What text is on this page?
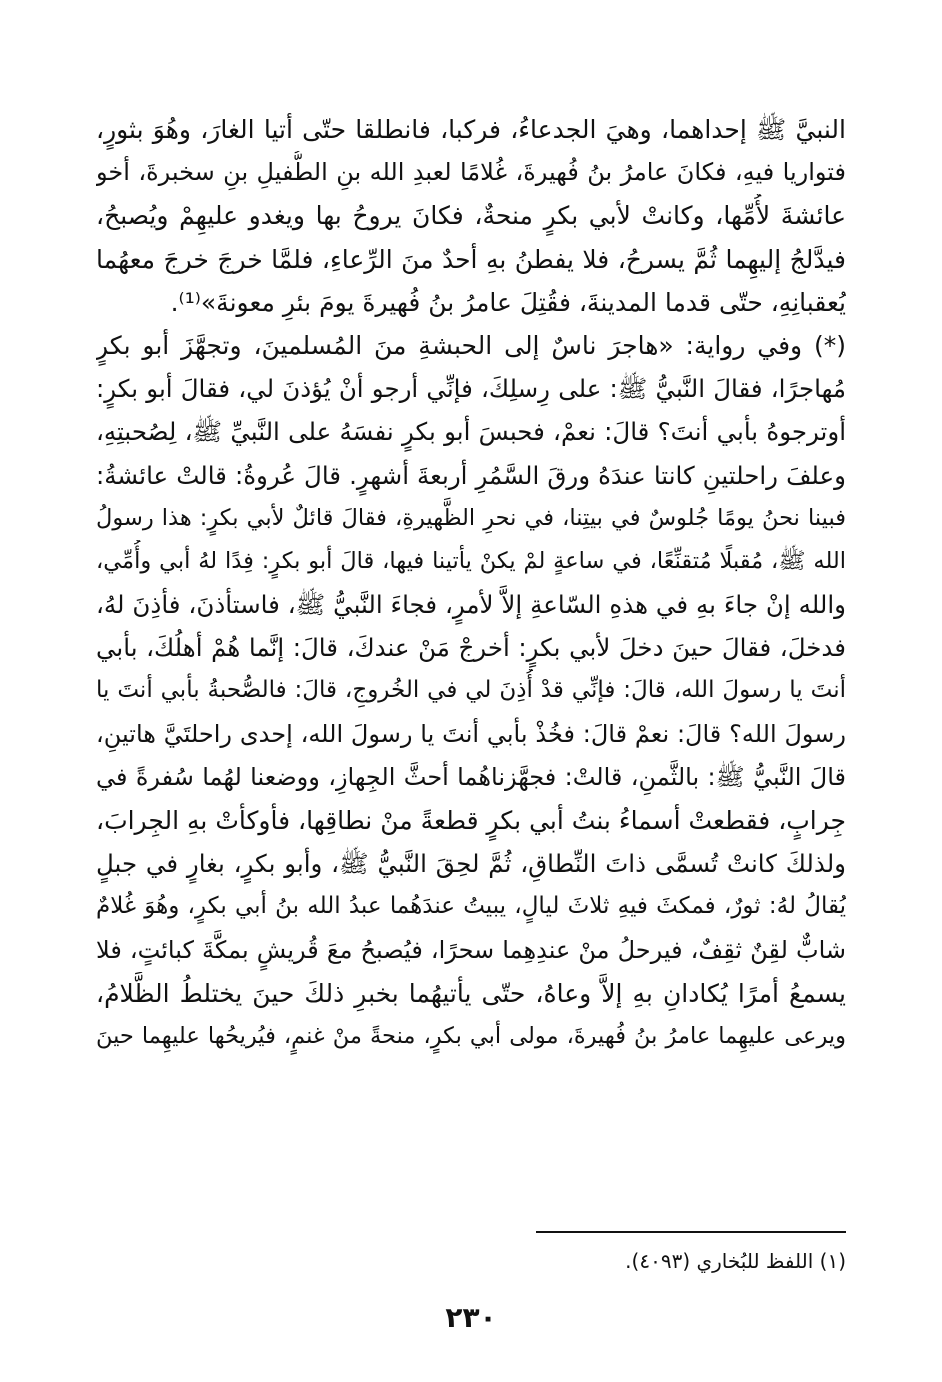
النبيَّ ﷺ إحداهما، وهيَ الجدعاءُ، فركبا، فانطلقا حتّى أتيا الغارَ، وهُوَ بثورٍ،
فتواريا فيهِ، فكانَ عامرُ بنُ فُهيرةَ، غُلامًا لعبدِ الله بنِ الطُّفيلِ بنِ سخبرةَ، أخو
عائشةَ لأُمِّها، وكانتْ لأبي بكرٍ منحةٌ، فكانَ يروحُ بها ويغدو عليهِمْ ويُصبحُ،
فيدَّلجُ إليهِما ثُمَّ يسرحُ، فلا يفطنُ بهِ أحدٌ منَ الرِّعاءِ، فلمَّا خرجَ خرجَ معهُما
يُعقبانِهِ، حتّى قدما المدينةَ، فقُتِلَ عامرُ بنُ فُهيرةَ يومَ بئرِ معونةَ»⁽¹⁾.
(*) وفي رواية: «هاجرَ ناسٌ إلى الحبشةِ منَ المُسلمينَ، وتجهَّزَ أبو بكرٍ
مُهاجرًا، فقالَ النَّبيُّ ﷺ: على رِسلِكَ، فإنِّي أرجو أنْ يُؤذنَ لي، فقالَ أبو بكرٍ:
أوترجوهُ بأبي أنتَ؟ قالَ: نعمْ، فحبسَ أبو بكرٍ نفسَهُ على النَّبيِّ ﷺ، لِصُحبتِهِ،
وعلفَ راحلتينِ كانتا عندَهُ ورقَ السَّمُرِ أربعةَ أشهرٍ. قالَ عُروةُ: قالتْ عائشةُ:
فبينا نحنُ يومًا جُلوسٌ في بيتِنا، في نحرِ الظَّهيرةِ، فقالَ قائلٌ لأبي بكرٍ: هذا رسولُ
الله ﷺ، مُقبلًا مُتقنِّعًا، في ساعةٍ لمْ يكنْ يأتينا فيها، قالَ أبو بكرٍ: فِدًا لهُ أبي وأُمِّي،
والله إنْ جاءَ بهِ في هذهِ السّاعةِ إلاَّ لأمرٍ، فجاءَ النَّبيُّ ﷺ، فاستأذنَ، فأذِنَ لهُ،
فدخلَ، فقالَ حينَ دخلَ لأبي بكرٍ: أخرجْ مَنْ عندكَ، قالَ: إنَّما هُمْ أهلُكَ، بأبي
أنتَ يا رسولَ الله، قالَ: فإنِّي قدْ أُذِنَ لي في الخُروجِ، قالَ: فالصُّحبةُ بأبي أنتَ يا
رسولَ الله؟ قالَ: نعمْ قالَ: فخُذْ بأبي أنتَ يا رسولَ الله، إحدى راحلتَيَّ هاتينِ،
قالَ النَّبيُّ ﷺ: بالثَّمنِ، قالتْ: فجهَّزناهُما أحثَّ الجِهازِ، ووضعنا لهُما سُفرةً في
جِرابٍ، فقطعتْ أسماءُ بنتُ أبي بكرٍ قطعةً منْ نطاقِها، فأوكأتْ بهِ الجِرابَ،
ولذلكَ كانتْ تُسمَّى ذاتَ النِّطاقِ، ثُمَّ لحِقَ النَّبيُّ ﷺ، وأبو بكرٍ، بغارٍ في جبلٍ
يُقالُ لهُ: ثورٌ، فمكثَ فيهِ ثلاثَ ليالٍ، يبيتُ عندَهُما عبدُ الله بنُ أبي بكرٍ، وهُوَ غُلامٌ
شابٌّ لقِنٌ ثقِفٌ، فيرحلُ منْ عندِهِما سحرًا، فيُصبحُ معَ قُريشٍ بمكَّةَ كبائتٍ، فلا
يسمعُ أمرًا يُكادانِ بهِ إلاَّ وعاهُ، حتّى يأتيهُما بخبرِ ذلكَ حينَ يختلطُ الظَّلامُ،
ويرعى عليهِما عامرُ بنُ فُهيرةَ، مولى أبي بكرٍ، منحةً منْ غنمٍ، فيُريحُها عليهِما حينَ
(١) اللفظ للبُخاري (٤٠٩٣).
٢٣٠
